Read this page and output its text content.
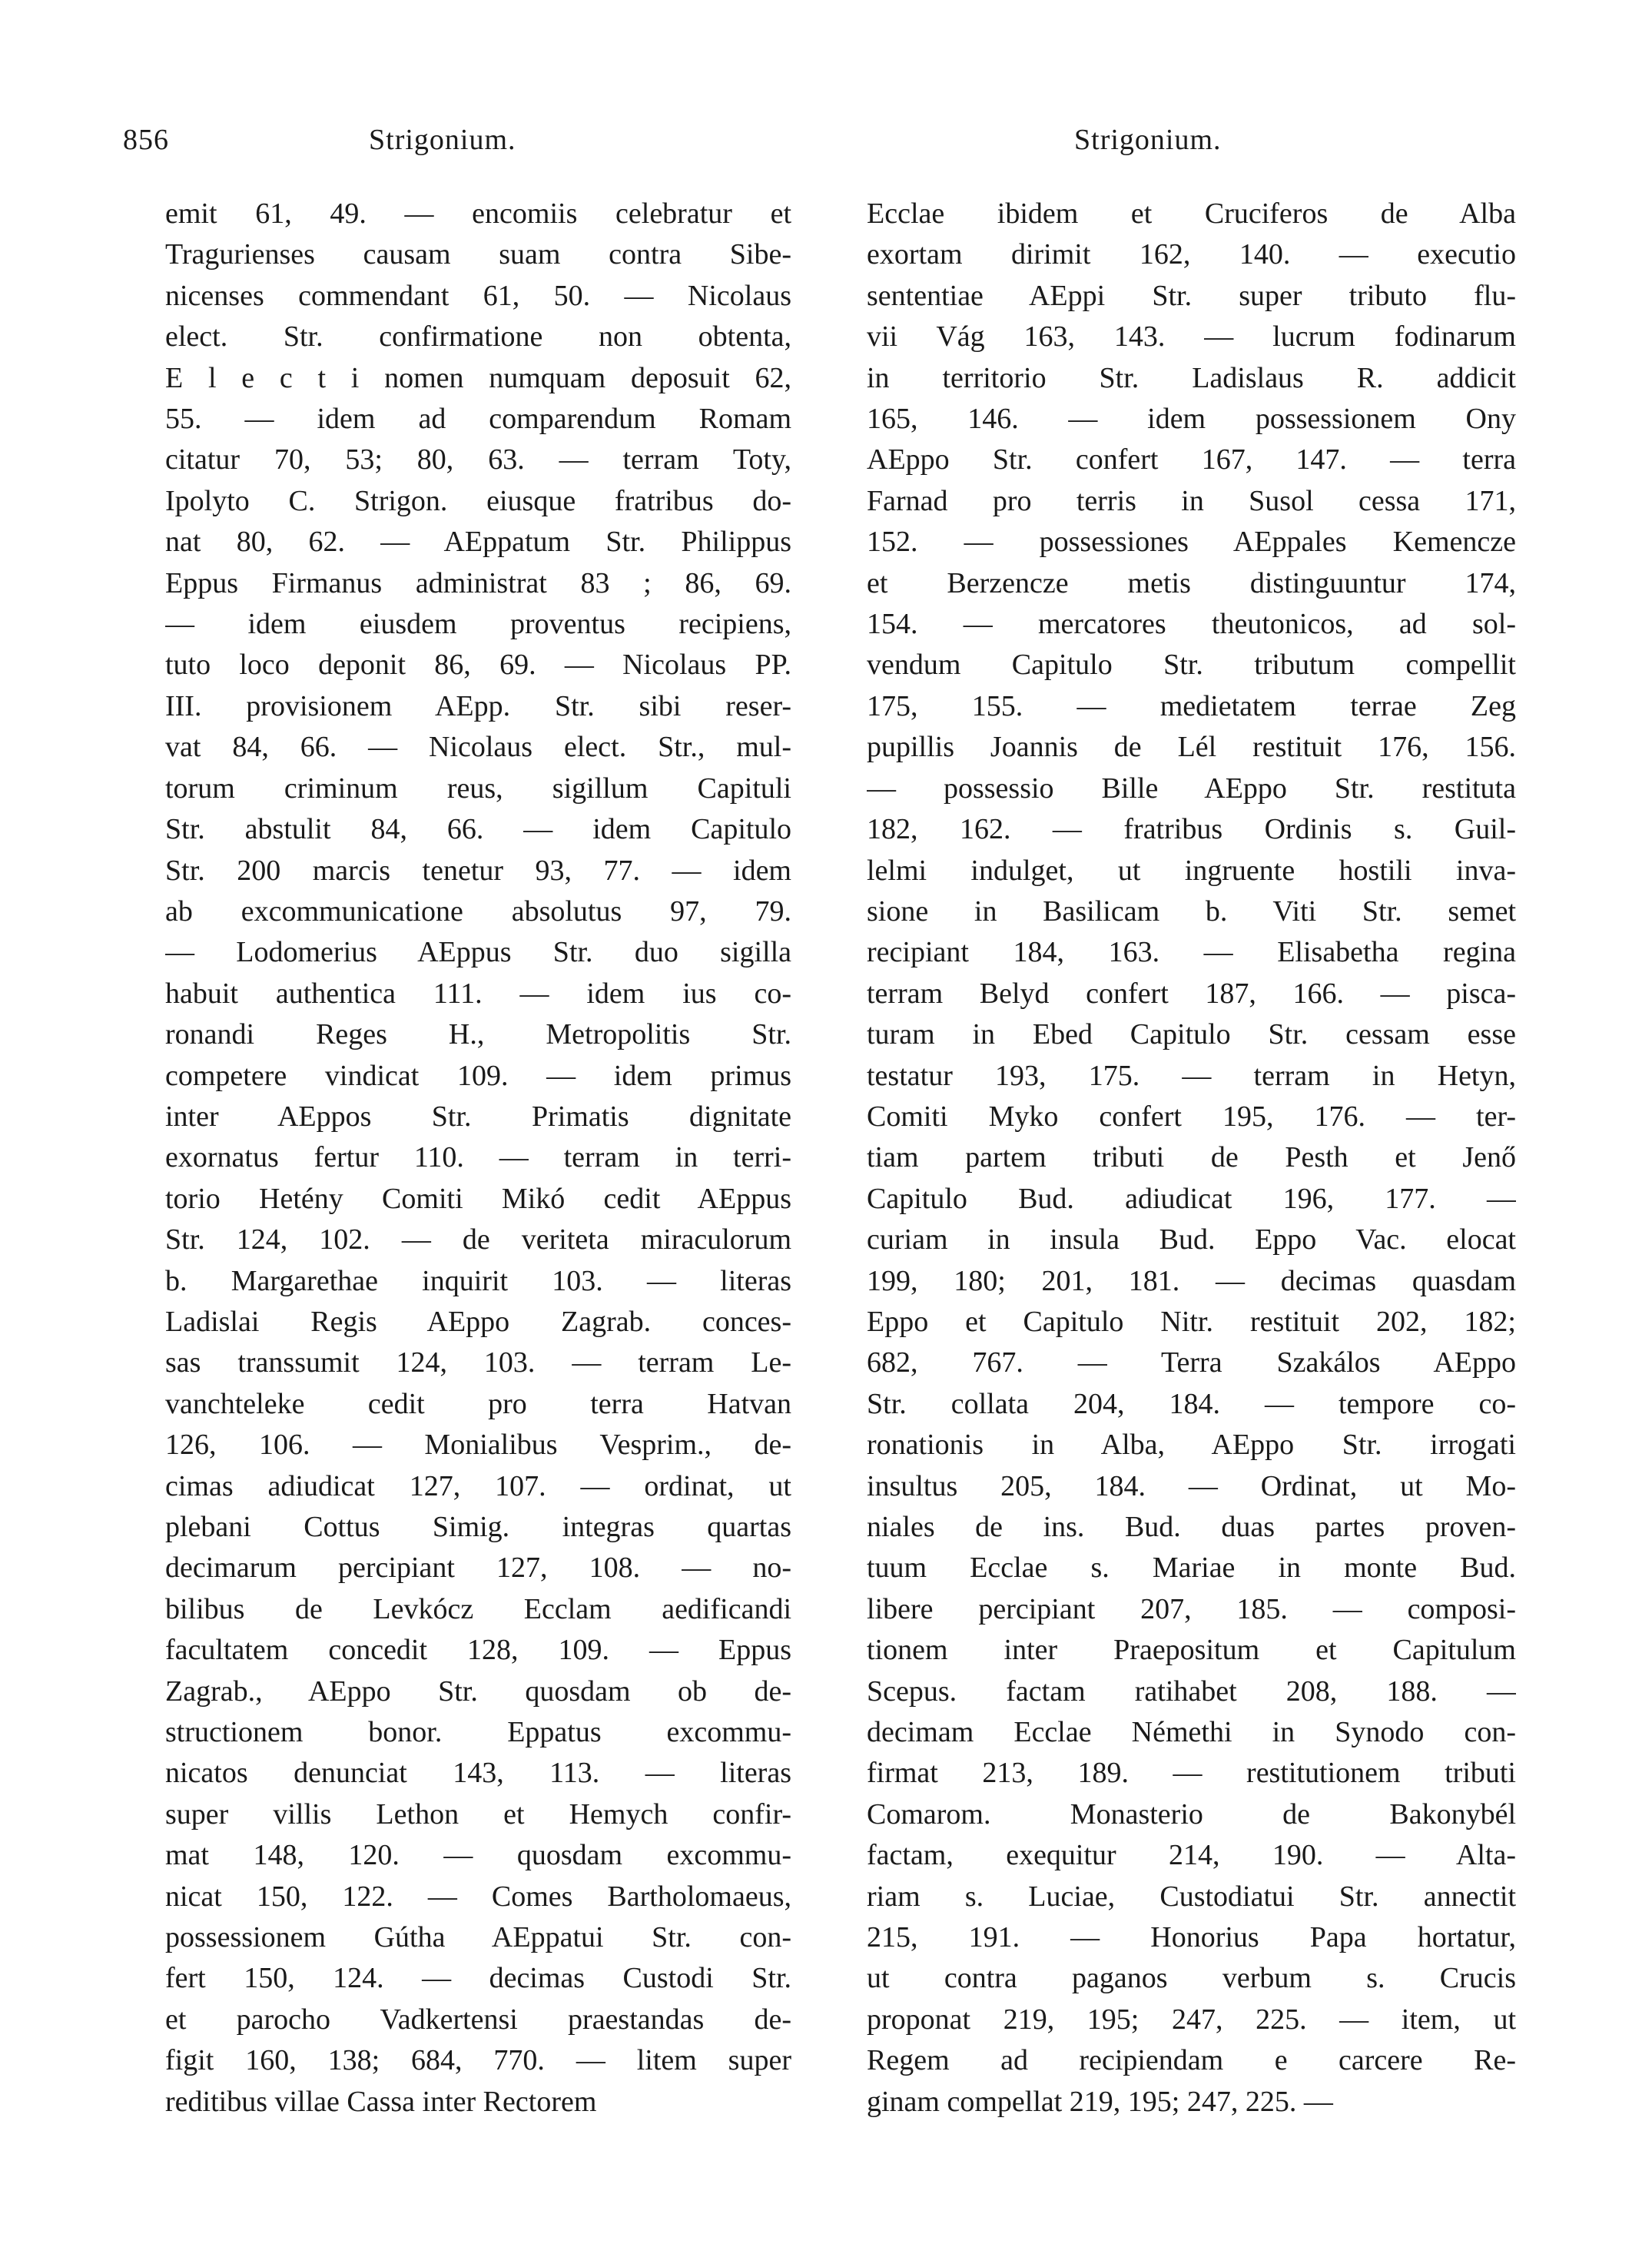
856	Strigonium.	Strigonium.
emit 61, 49. — encomiis celebratur et
Tragurienses causam suam contra Sibe-
nicenses commendant 61, 50. — Nicolaus
elect. Str. confirmatione non obtenta,
E l e c t i nomen numquam deposuit 62,
55. — idem ad comparendum Romam
citatur 70, 53; 80, 63. — terram Toty,
Ipolyto C. Strigon. eiusque fratribus do-
nat 80, 62. — AEppatum Str. Philippus
Eppus Firmanus administrat 83 ; 86, 69.
— idem eiusdem proventus recipiens,
tuto loco deponit 86, 69. — Nicolaus PP.
III. provisionem AEpp. Str. sibi reser-
vat 84, 66. — Nicolaus elect. Str., mul-
torum criminum reus, sigillum Capituli
Str. abstulit 84, 66. — idem Capitulo
Str. 200 marcis tenetur 93, 77. — idem
ab excommunicatione absolutus 97, 79.
— Lodomerius AEppus Str. duo sigilla
habuit authentica 111. — idem ius co-
ronandi Reges H., Metropolitis Str.
competere vindicat 109. — idem primus
inter AEppos Str. Primatis dignitate
exornatus fertur 110. — terram in terri-
torio Hetény Comiti Mikó cedit AEppus
Str. 124, 102. — de veriteta miraculorum
b. Margarethae inquirit 103. — literas
Ladislai Regis AEppo Zagrab. conces-
sas transsumit 124, 103. — terram Le-
vanchteleke cedit pro terra Hatvan
126, 106. — Monialibus Vesprim., de-
cimas adiudicat 127, 107. — ordinat, ut
plebani Cottus Simig. integras quartas
decimarum percipiant 127, 108. — no-
bilibus de Levkócz Ecclam aedificandi
facultatem concedit 128, 109. — Eppus
Zagrab., AEppo Str. quosdam ob de-
structionem bonor. Eppatus excommu-
nicatos denunciat 143, 113. — literas
super villis Lethon et Hemych confir-
mat 148, 120. — quosdam excommu-
nicat 150, 122. — Comes Bartholomaeus,
possessionem Gútha AEppatui Str. con-
fert 150, 124. — decimas Custodi Str.
et parocho Vadkertensi praestandas de-
figit 160, 138; 684, 770. — litem super
reditibus villae Cassa inter Rectorem
Ecclae ibidem et Cruciferos de Alba
exortam dirimit 162, 140. — executio
sententiae AEppi Str. super tributo flu-
vii Vág 163, 143. — lucrum fodinarum
in territorio Str. Ladislaus R. addicit
165, 146. — idem possessionem Ony
AEppo Str. confert 167, 147. — terra
Farnad pro terris in Susol cessa 171,
152. — possessiones AEppales Kemencze
et Berzencze metis distinguuntur 174,
154. — mercatores theutonicos, ad sol-
vendum Capitulo Str. tributum compellit
175, 155. — medietatem terrae Zeg
pupillis Joannis de Lél restituit 176, 156.
— possessio Bille AEppo Str. restituta
182, 162. — fratribus Ordinis s. Guil-
lelmi indulget, ut ingruente hostili inva-
sione in Basilicam b. Viti Str. semet
recipiant 184, 163. — Elisabetha regina
terram Belyd confert 187, 166. — pisca-
turam in Ebed Capitulo Str. cessam esse
testatur 193, 175. — terram in Hetyn,
Comiti Myko confert 195, 176. — ter-
tiam partem tributi de Pesth et Jenő
Capitulo Bud. adiudicat 196, 177. —
curiam in insula Bud. Eppo Vac. elocat
199, 180; 201, 181. — decimas quasdam
Eppo et Capitulo Nitr. restituit 202, 182;
682, 767. — Terra Szakálos AEppo
Str. collata 204, 184. — tempore co-
ronationis in Alba, AEppo Str. irrogati
insultus 205, 184. — Ordinat, ut Mo-
niales de ins. Bud. duas partes proven-
tuum Ecclae s. Mariae in monte Bud.
libere percipiant 207, 185. — composi-
tionem inter Praepositum et Capitulum
Scepus. factam ratihabet 208, 188. —
decimam Ecclae Némethi in Synodo con-
firmat 213, 189. — restitutionem tributi
Comarom. Monasterio de Bakonybél
factam, exequitur 214, 190. — Alta-
riam s. Luciae, Custodiatui Str. annectit
215, 191. — Honorius Papa hortatur,
ut contra paganos verbum s. Crucis
proponat 219, 195; 247, 225. — item, ut
Regem ad recipiendam e carcere Re-
ginam compellat 219, 195; 247, 225. —
